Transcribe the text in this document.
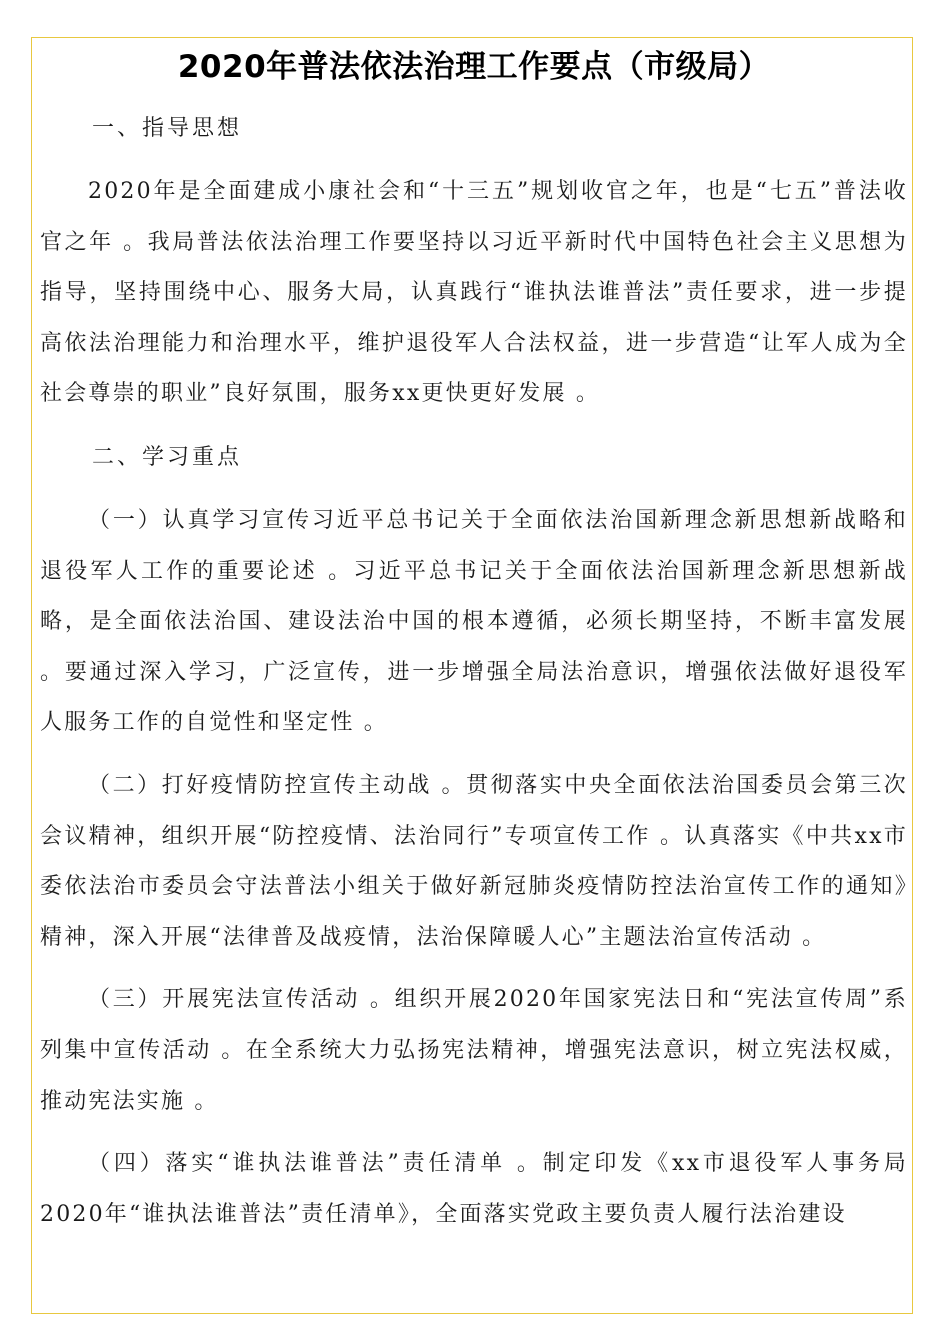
2020年普法依法治理工作要点（市级局）

一、指导思想

2020年是全面建成小康社会和“十三五”规划收官之年，也是“七五”普法收官之年 。我局普法依法治理工作要坚持以习近平新时代中国特色社会主义思想为指导，坚持围绕中心、服务大局，认真践行“谁执法谁普法”责任要求，进一步提高依法治理能力和治理水平，维护退役军人合法权益，进一步营造“让军人成为全社会尊崇的职业”良好氛围，服务xx更快更好发展 。

二、学习重点

（一）认真学习宣传习近平总书记关于全面依法治国新理念新思想新战略和退役军人工作的重要论述 。习近平总书记关于全面依法治国新理念新思想新战略，是全面依法治国、建设法治中国的根本遵循，必须长期坚持，不断丰富发展 。要通过深入学习，广泛宣传，进一步增强全局法治意识，增强依法做好退役军人服务工作的自觉性和坚定性 。

（二）打好疫情防控宣传主动战 。贯彻落实中央全面依法治国委员会第三次会议精神，组织开展“防控疫情、法治同行”专项宣传工作 。认真落实《中共xx市委依法治市委员会守法普法小组关于做好新冠肺炎疫情防控法治宣传工作的通知》精神，深入开展“法律普及战疫情，法治保障暖人心”主题法治宣传活动 。

（三）开展宪法宣传活动 。组织开展2020年国家宪法日和“宪法宣传周”系列集中宣传活动 。在全系统大力弘扬宪法精神，增强宪法意识，树立宪法权威，推动宪法实施 。

（四）落实“谁执法谁普法”责任清单 。制定印发《xx市退役军人事务局2020年“谁执法谁普法”责任清单》，全面落实党政主要负责人履行法治建设
